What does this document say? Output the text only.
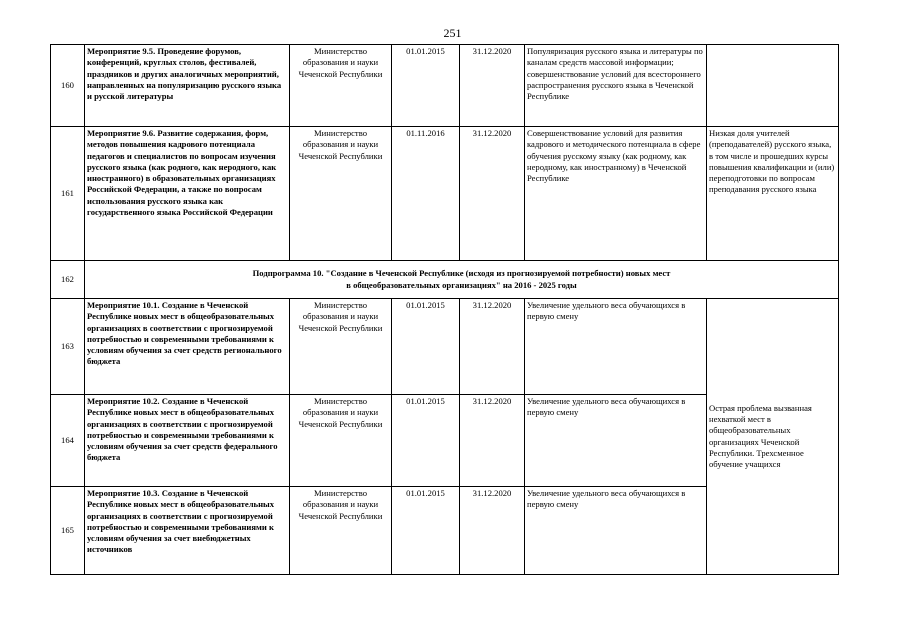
251
160	Мероприятие 9.5. Проведение форумов, конференций, круглых столов, фестивалей, праздников и других аналогичных мероприятий, направленных на популяризацию русского языка и русской литературы	Министерство образования и науки Чеченской Республики	01.01.2015	31.12.2020	Популяризация русского языка и литературы по каналам средств массовой информации; совершенствование условий для всестороннего распространения русского языка в Чеченской Республике	
161	Мероприятие 9.6. Развитие содержания, форм, методов повышения кадрового потенциала педагогов и специалистов по вопросам изучения русского языка (как родного, как неродного, как иностранного) в образовательных организациях Российской Федерации, а также по вопросам использования русского языка как государственного языка Российской Федерации	Министерство образования и науки Чеченской Республики	01.11.2016	31.12.2020	Совершенствование условий для развития кадрового и методического потенциала в сфере обучения русскому языку (как родному, как неродному, как иностранному) в Чеченской Республике	Низкая доля учителей (преподавателей) русского языка, в том числе и прошедших курсы повышения квалификации и (или) переподготовки по вопросам преподавания русского языка
162	Подпрограмма 10. "Создание в Чеченской Республике (исходя из прогнозируемой потребности) новых мест
в общеобразовательных организациях" на 2016 - 2025 годы					

163	Мероприятие 10.1. Создание в Чеченской Республике новых мест в общеобразовательных организациях в соответствии с прогнозируемой потребностью и современными требованиями к условиям обучения за счет средств регионального бюджета	Министерство образования и науки Чеченской Республики	01.01.2015	31.12.2020	Увеличение удельного веса обучающихся в первую смену	Острая проблема вызванная нехваткой мест в общеобразовательных организациях Чеченской Республики. Трехсменное обучение учащихся
164	Мероприятие 10.2. Создание в Чеченской Республике новых мест в общеобразовательных организациях в соответствии с прогнозируемой потребностью и современными требованиями к условиям обучения за счет средств федерального бюджета	Министерство образования и науки Чеченской Республики	01.01.2015	31.12.2020	Увеличение удельного веса обучающихся в первую смену	
165	Мероприятие 10.3. Создание в Чеченской Республике новых мест в общеобразовательных организациях в соответствии с прогнозируемой потребностью и современными требованиями к условиям обучения за счет внебюджетных источников	Министерство образования и науки Чеченской Республики	01.01.2015	31.12.2020	Увеличение удельного веса обучающихся в первую смену	
